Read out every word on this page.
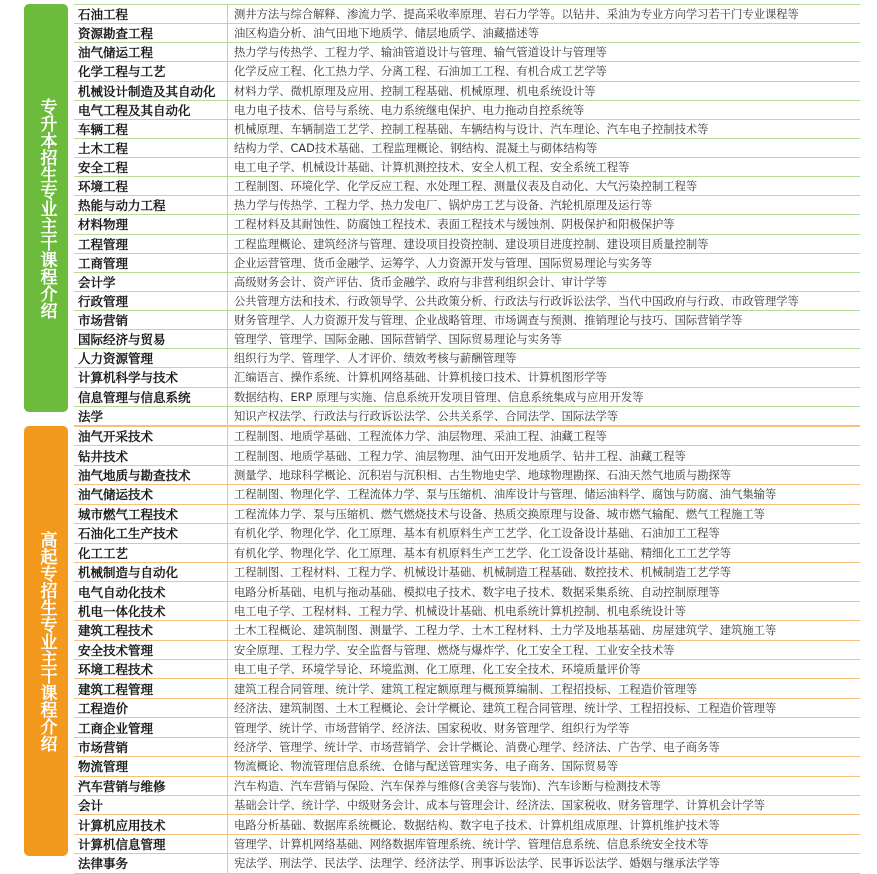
专升本招生专业主干课程介绍
石油工程	测井方法与综合解释、渗流力学、提高采收率原理、岩石力学等。以钻井、采油为专业方向学习若干门专业课程等
资源勘查工程	油区构造分析、油气田地下地质学、储层地质学、油藏描述等
油气储运工程	热力学与传热学、工程力学、输油管道设计与管理、输气管道设计与管理等
化学工程与工艺	化学反应工程、化工热力学、分离工程、石油加工工程、有机合成工艺学等
机械设计制造及其自动化	材料力学、微机原理及应用、控制工程基础、机械原理、机电系统设计等
电气工程及其自动化	电力电子技术、信号与系统、电力系统继电保护、电力拖动自控系统等
车辆工程	机械原理、车辆制造工艺学、控制工程基础、车辆结构与设计、汽车理论、汽车电子控制技术等
土木工程	结构力学、CAD技术基础、工程监理概论、钢结构、混凝土与砌体结构等
安全工程	电工电子学、机械设计基础、计算机测控技术、安全人机工程、安全系统工程等
环境工程	工程制图、环境化学、化学反应工程、水处理工程、测量仪表及自动化、大气污染控制工程等
热能与动力工程	热力学与传热学、工程力学、热力发电厂、锅炉房工艺与设备、汽轮机原理及运行等
材料物理	工程材料及其耐蚀性、防腐蚀工程技术、表面工程技术与缓蚀剂、阴极保护和阳极保护等
工程管理	工程监理概论、建筑经济与管理、建设项目投资控制、建设项目进度控制、建设项目质量控制等
工商管理	企业运营管理、货币金融学、运筹学、人力资源开发与管理、国际贸易理论与实务等
会计学	高级财务会计、资产评估、货币金融学、政府与非营利组织会计、审计学等
行政管理	公共管理方法和技术、行政领导学、公共政策分析、行政法与行政诉讼法学、当代中国政府与行政、市政管理学等
市场营销	财务管理学、人力资源开发与管理、企业战略管理、市场调查与预测、推销理论与技巧、国际营销学等
国际经济与贸易	管理学、管理学、国际金融、国际营销学、国际贸易理论与实务等
人力资源管理	组织行为学、管理学、人才评价、绩效考核与薪酬管理等
计算机科学与技术	汇编语言、操作系统、计算机网络基础、计算机接口技术、计算机图形学等
信息管理与信息系统	数据结构、ERP 原理与实施、信息系统开发项目管理、信息系统集成与应用开发等
法学	知识产权法学、行政法与行政诉讼法学、公共关系学、合同法学、国际法学等
高起专招生专业主干课程介绍
油气开采技术	工程制图、地质学基础、工程流体力学、油层物理、采油工程、油藏工程等
钻井技术	工程制图、地质学基础、工程力学、油层物理、油气田开发地质学、钻井工程、油藏工程等
油气地质与勘查技术	测量学、地球科学概论、沉积岩与沉积相、古生物地史学、地球物理勘探、石油天然气地质与勘探等
油气储运技术	工程制图、物理化学、工程流体力学、泵与压缩机、油库设计与管理、储运油料学、腐蚀与防腐、油气集输等
城市燃气工程技术	工程流体力学、泵与压缩机、燃气燃烧技术与设备、热质交换原理与设备、城市燃气输配、燃气工程施工等
石油化工生产技术	有机化学、物理化学、化工原理、基本有机原料生产工艺学、化工设备设计基础、石油加工工程等
化工工艺	有机化学、物理化学、化工原理、基本有机原料生产工艺学、化工设备设计基础、精细化工工艺学等
机械制造与自动化	工程制图、工程材料、工程力学、机械设计基础、机械制造工程基础、数控技术、机械制造工艺学等
电气自动化技术	电路分析基础、电机与拖动基础、模拟电子技术、数字电子技术、数据采集系统、自动控制原理等
机电一体化技术	电工电子学、工程材料、工程力学、机械设计基础、机电系统计算机控制、机电系统设计等
建筑工程技术	土木工程概论、建筑制图、测量学、工程力学、土木工程材料、土力学及地基基础、房屋建筑学、建筑施工等
安全技术管理	安全原理、工程力学、安全监督与管理、燃烧与爆炸学、化工安全工程、工业安全技术等
环境工程技术	电工电子学、环境学导论、环境监测、化工原理、化工安全技术、环境质量评价等
建筑工程管理	建筑工程合同管理、统计学、建筑工程定额原理与概预算编制、工程招投标、工程造价管理等
工程造价	经济法、建筑制图、土木工程概论、会计学概论、建筑工程合同管理、统计学、工程招投标、工程造价管理等
工商企业管理	管理学、统计学、市场营销学、经济法、国家税收、财务管理学、组织行为学等
市场营销	经济学、管理学、统计学、市场营销学、会计学概论、消费心理学、经济法、广告学、电子商务等
物流管理	物流概论、物流管理信息系统、仓储与配送管理实务、电子商务、国际贸易等
汽车营销与维修	汽车构造、汽车营销与保险、汽车保养与维修(含美容与装饰)、汽车诊断与检测技术等
会计	基础会计学、统计学、中级财务会计、成本与管理会计、经济法、国家税收、财务管理学、计算机会计学等
计算机应用技术	电路分析基础、数据库系统概论、数据结构、数字电子技术、计算机组成原理、计算机维护技术等
计算机信息管理	管理学、计算机网络基础、网络数据库管理系统、统计学、管理信息系统、信息系统安全技术等
法律事务	宪法学、刑法学、民法学、法理学、经济法学、刑事诉讼法学、民事诉讼法学、婚姻与继承法学等
